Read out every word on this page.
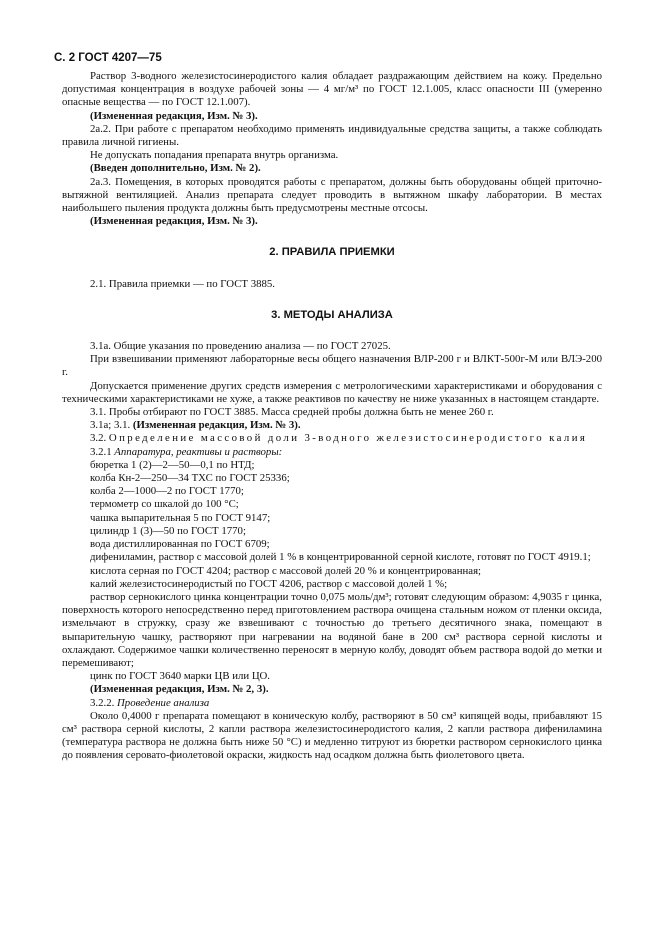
С. 2 ГОСТ 4207—75

Раствор 3-водного железистосинеродистого калия обладает раздражающим действием на кожу. Предельно допустимая концентрация в воздухе рабочей зоны — 4 мг/м³ по ГОСТ 12.1.005, класс опасности III (умеренно опасные вещества — по ГОСТ 12.1.007).

(Измененная редакция, Изм. № 3).

2а.2. При работе с препаратом необходимо применять индивидуальные средства защиты, а также соблюдать правила личной гигиены.

Не допускать попадания препарата внутрь организма.

(Введен дополнительно, Изм. № 2).

2а.3. Помещения, в которых проводятся работы с препаратом, должны быть оборудованы общей приточно-вытяжной вентиляцией. Анализ препарата следует проводить в вытяжном шкафу лаборатории. В местах наибольшего пыления продукта должны быть предусмотрены местные отсосы.

(Измененная редакция, Изм. № 3).

2. ПРАВИЛА ПРИЕМКИ

2.1. Правила приемки — по ГОСТ 3885.

3. МЕТОДЫ АНАЛИЗА

3.1а. Общие указания по проведению анализа — по ГОСТ 27025.

При взвешивании применяют лабораторные весы общего назначения ВЛР-200 г и ВЛКТ-500г-М или ВЛЭ-200 г.

Допускается применение других средств измерения с метрологическими характеристиками и оборудования с техническими характеристиками не хуже, а также реактивов по качеству не ниже указанных в настоящем стандарте.

3.1. Пробы отбирают по ГОСТ 3885. Масса средней пробы должна быть не менее 260 г.

3.1а; 3.1. (Измененная редакция, Изм. № 3).

3.2. Определение массовой доли 3-водного железистосинеродистого калия

3.2.1 Аппаратура, реактивы и растворы:

бюретка 1 (2)—2—50—0,1 по НТД;

колба Кн-2—250—34 ТХС по ГОСТ 25336;

колба 2—1000—2 по ГОСТ 1770;

термометр со шкалой до 100 °С;

чашка выпарительная 5 по ГОСТ 9147;

цилиндр 1 (3)—50 по ГОСТ 1770;

вода дистиллированная по ГОСТ 6709;

дифениламин, раствор с массовой долей 1 % в концентрированной серной кислоте, готовят по ГОСТ 4919.1;

кислота серная по ГОСТ 4204; раствор с массовой долей 20 % и концентрированная;

калий железистосинеродистый по ГОСТ 4206, раствор с массовой долей 1 %;

раствор сернокислого цинка концентрации точно 0,075 моль/дм³; готовят следующим образом: 4,9035 г цинка, поверхность которого непосредственно перед приготовлением раствора очищена стальным ножом от пленки оксида, измельчают в стружку, сразу же взвешивают с точностью до третьего десятичного знака, помещают в выпарительную чашку, растворяют при нагревании на водяной бане в 200 см³ раствора серной кислоты и охлаждают. Содержимое чашки количественно переносят в мерную колбу, доводят объем раствора водой до метки и перемешивают;

цинк по ГОСТ 3640 марки ЦВ или ЦО.

(Измененная редакция, Изм. № 2, 3).

3.2.2. Проведение анализа

Около 0,4000 г препарата помещают в коническую колбу, растворяют в 50 см³ кипящей воды, прибавляют 15 см³ раствора серной кислоты, 2 капли раствора железистосинеродистого калия, 2 капли раствора дифениламина (температура раствора не должна быть ниже 50 °С) и медленно титруют из бюретки раствором сернокислого цинка до появления серовато-фиолетовой окраски, жидкость над осадком должна быть фиолетового цвета.
